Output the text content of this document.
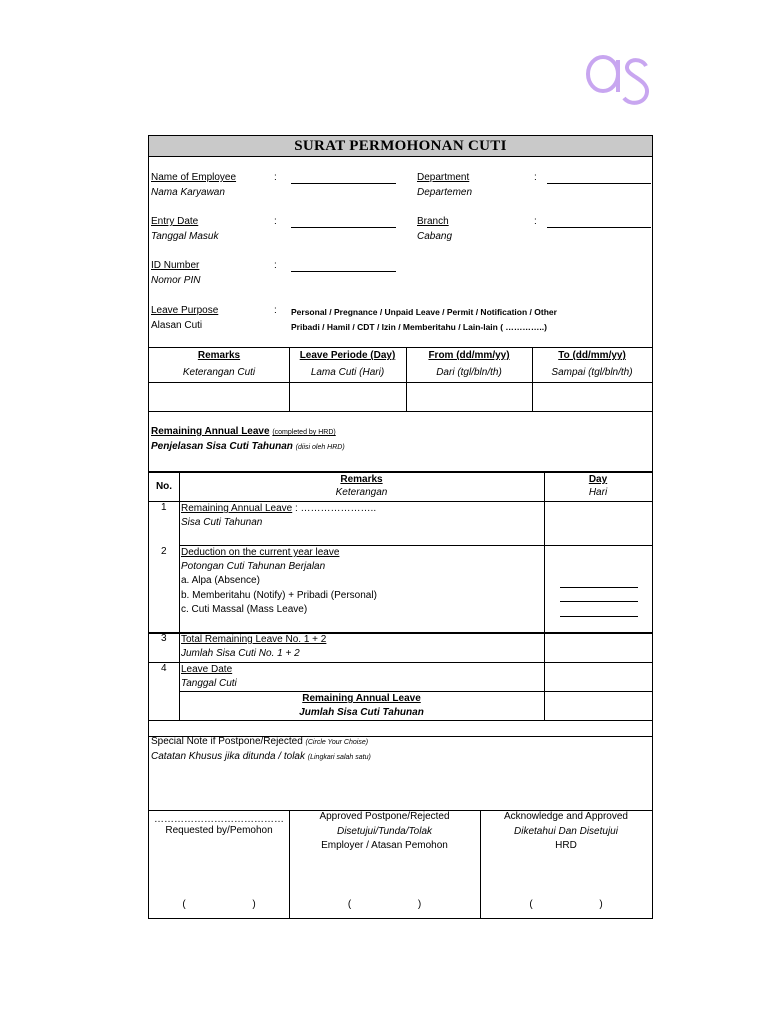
SURAT PERMOHONAN CUTI
Name of Employee
Nama Karyawan
:	Department
Departemen
:
Entry Date
Tanggal Masuk
:	Branch
Cabang
:
ID Number
Nomor PIN
:
Leave Purpose
Alasan Cuti
: Personal / Pregnance / Unpaid Leave / Permit / Notification / Other
Pribadi / Hamil / CDT / Izin / Memberitahu / Lain-lain ( …………..)
Remarks
Keterangan Cuti
Leave Periode (Day)
Lama Cuti (Hari)
From (dd/mm/yy)
Dari (tgl/bln/th)
To (dd/mm/yy)
Sampai (tgl/bln/th)
Remaining Annual Leave (completed by HRD)
Penjelasan Sisa Cuti Tahunan (diisi oleh HRD)
No.
Remarks
Keterangan
Day
Hari
1 Remaining Annual Leave : …………………..
Sisa Cuti Tahunan
2 Deduction on the current year leave
Potongan Cuti Tahunan Berjalan
a. Alpa (Absence)
b. Memberitahu (Notify) + Pribadi (Personal)
c. Cuti Massal (Mass Leave)
3 Total Remaining Leave No. 1 + 2
Jumlah Sisa Cuti No. 1 + 2
4 Leave Date
Tanggal Cuti
Remaining Annual Leave
Jumlah Sisa Cuti Tahunan
Special Note if Postpone/Rejected (Circle Your Choise)
Catatan Khusus jika ditunda / tolak (Lingkari salah satu)
…………………………………
Requested by/Pemohon
(                        )
Approved Postpone/Rejected
Disetujui/Tunda/Tolak
Employer / Atasan Pemohon
(                        )
Acknowledge and Approved
Diketahui Dan Disetujui
HRD
(                        )
